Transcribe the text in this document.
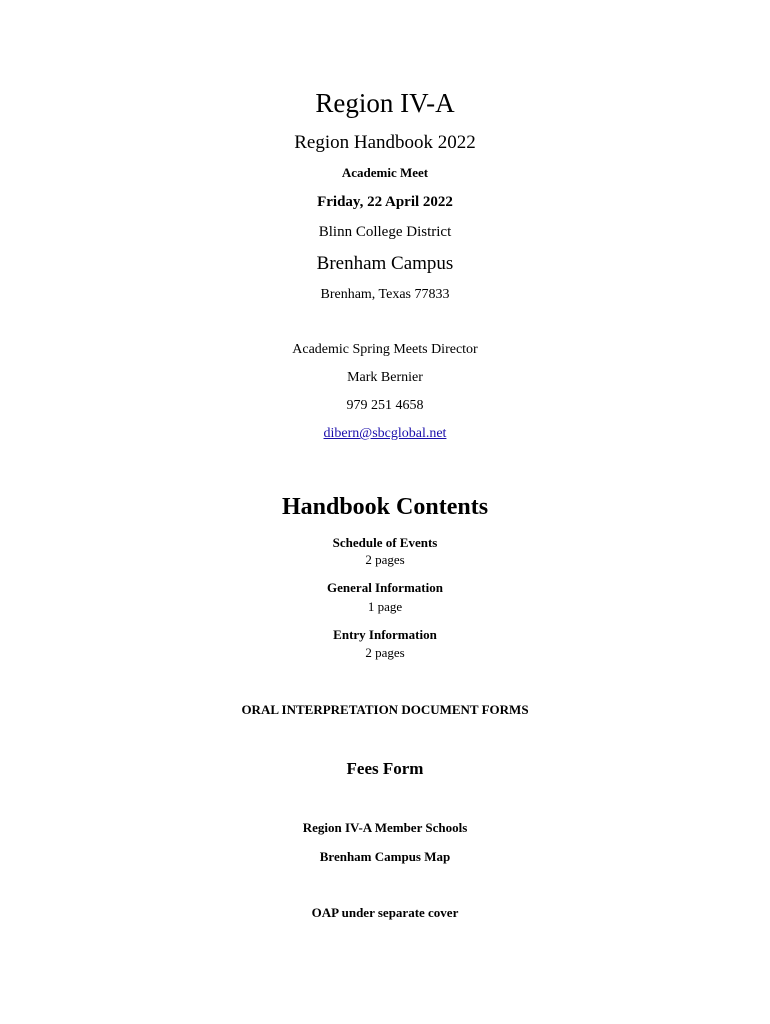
Region IV-A
Region Handbook 2022
Academic Meet
Friday, 22 April 2022
Blinn College District
Brenham Campus
Brenham, Texas 77833
Academic Spring Meets Director
Mark Bernier
979 251 4658
dibern@sbcglobal.net
Handbook Contents
Schedule of Events
2 pages
General Information
1 page
Entry Information
2 pages
ORAL INTERPRETATION DOCUMENT FORMS
Fees Form
Region IV-A Member Schools
Brenham Campus Map
OAP under separate cover
